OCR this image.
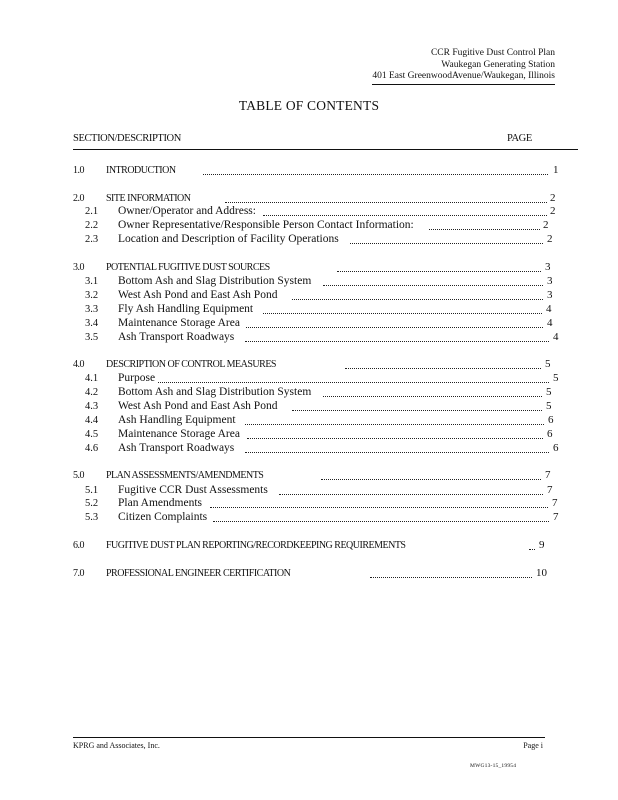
CCR Fugitive Dust Control Plan
Waukegan Generating Station
401 East GreenwoodAvenue/Waukegan, Illinois
TABLE OF CONTENTS
SECTION/DESCRIPTION	PAGE
1.0	INTRODUCTION	1
2.0	SITE INFORMATION	2
2.1	Owner/Operator and Address:	2
2.2	Owner Representative/Responsible Person Contact Information:	2
2.3	Location and Description of Facility Operations	2
3.0	POTENTIAL FUGITIVE DUST SOURCES	3
3.1	Bottom Ash and Slag Distribution System	3
3.2	West Ash Pond and East Ash Pond	3
3.3	Fly Ash Handling Equipment	4
3.4	Maintenance Storage Area	4
3.5	Ash Transport Roadways	4
4.0	DESCRIPTION OF CONTROL MEASURES	5
4.1	Purpose	5
4.2	Bottom Ash and Slag Distribution System	5
4.3	West Ash Pond and East Ash Pond	5
4.4	Ash Handling Equipment	6
4.5	Maintenance Storage Area	6
4.6	Ash Transport Roadways	6
5.0	PLAN ASSESSMENTS/AMENDMENTS	7
5.1	Fugitive CCR Dust Assessments	7
5.2	Plan Amendments	7
5.3	Citizen Complaints	7
6.0	FUGITIVE DUST PLAN REPORTING/RECORDKEEPING REQUIREMENTS	9
7.0	PROFESSIONAL ENGINEER CERTIFICATION	10
KPRG and Associates, Inc.	Page i
MWG13-15_19954
